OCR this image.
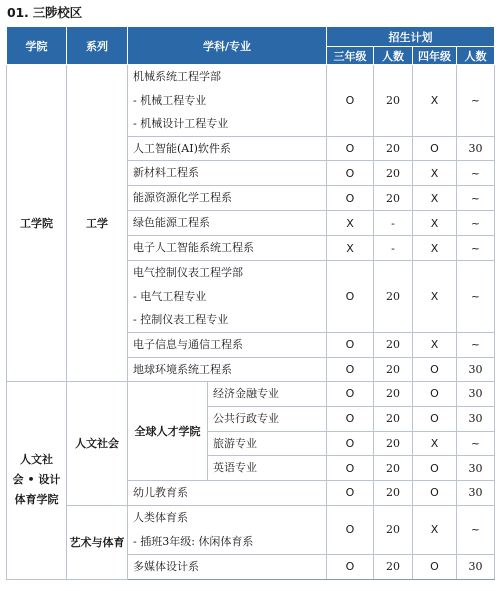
01. 三陟校区
学院	系列	学科/专业		招生计划			
				三年级	人数	四年级	人数
工学院	工学	机械系统工程学部
- 机械工程专业
- 机械设计工程专业		O	20	X	~
		人工智能(AI)软件系		O	20	O	30
		新材料工程系		O	20	X	~
		能源资源化学工程系		O	20	X	~
		绿色能源工程系		X	-	X	~
		电子人工智能系统工程系		X	-	X	~

		电气控制仪表工程学部
- 电气工程专业
- 控制仪表工程专业		O	20	X	~
		电子信息与通信工程系		O	20	X	~
		地球环境系统工程系		O	20	O	30

人文社
会 • 设计
体育学院	人文社会	全球人才学院	经济金融专业	O	20	O	30
			公共行政专业	O	20	O	30
			旅游专业	O	20	X	~
			英语专业	O	20	O	30
		幼儿教育系		O	20	O	30
	艺术与体育	人类体育系
- 插班3年级: 休闲体育系		O	20	X	~
		多媒体设计系		O	20	O	30
